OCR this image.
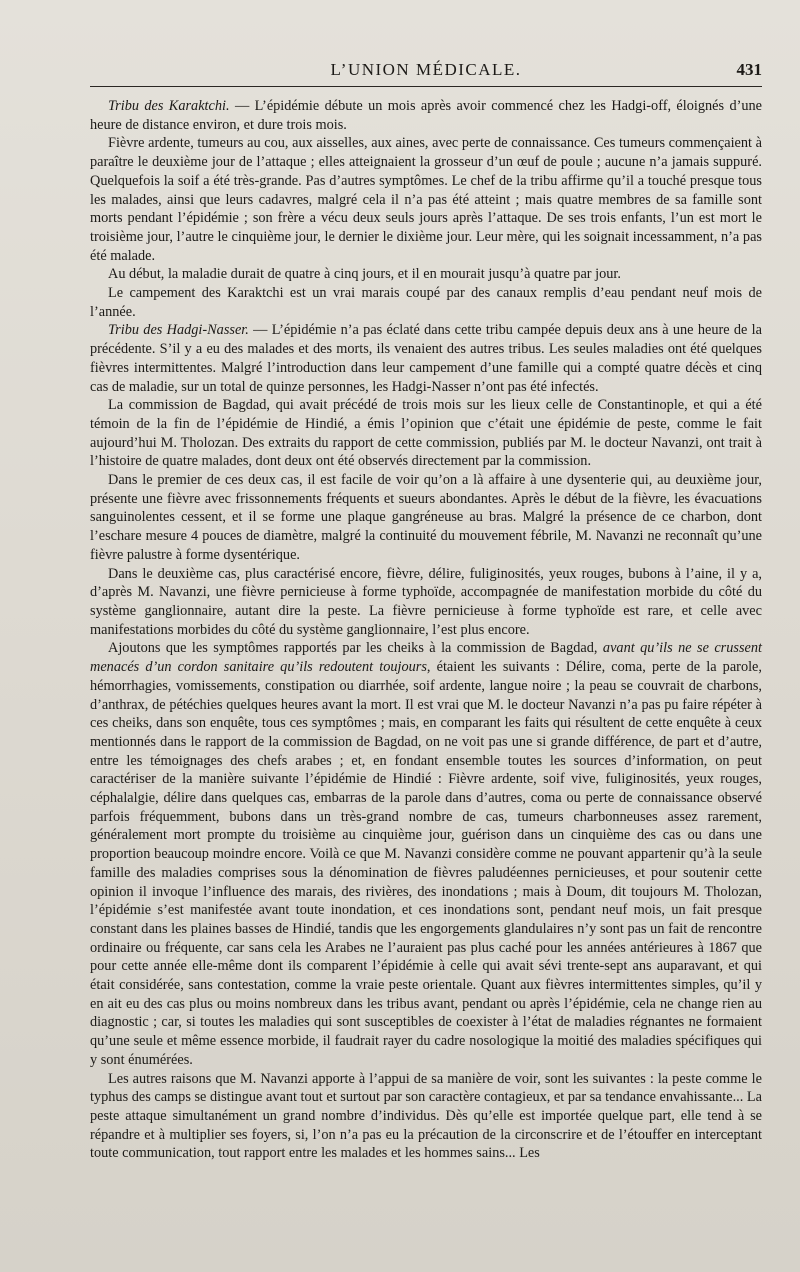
L’UNION MÉDICALE.	431

Tribu des Karaktchi. — L’épidémie débute un mois après avoir commencé chez les Hadgi-off, éloignés d’une heure de distance environ, et dure trois mois.

Fièvre ardente, tumeurs au cou, aux aisselles, aux aines, avec perte de connaissance. Ces tumeurs commençaient à paraître le deuxième jour de l’attaque ; elles atteignaient la grosseur d’un œuf de poule ; aucune n’a jamais suppuré. Quelquefois la soif a été très-grande. Pas d’autres symptômes. Le chef de la tribu affirme qu’il a touché presque tous les malades, ainsi que leurs cadavres, malgré cela il n’a pas été atteint ; mais quatre membres de sa famille sont morts pendant l’épidémie ; son frère a vécu deux seuls jours après l’attaque. De ses trois enfants, l’un est mort le troisième jour, l’autre le cinquième jour, le dernier le dixième jour. Leur mère, qui les soignait incessamment, n’a pas été malade.

Au début, la maladie durait de quatre à cinq jours, et il en mourait jusqu’à quatre par jour.

Le campement des Karaktchi est un vrai marais coupé par des canaux remplis d’eau pendant neuf mois de l’année.

Tribu des Hadgi-Nasser. — L’épidémie n’a pas éclaté dans cette tribu campée depuis deux ans à une heure de la précédente. S’il y a eu des malades et des morts, ils venaient des autres tribus. Les seules maladies ont été quelques fièvres intermittentes. Malgré l’introduction dans leur campement d’une famille qui a compté quatre décès et cinq cas de maladie, sur un total de quinze personnes, les Hadgi-Nasser n’ont pas été infectés.

La commission de Bagdad, qui avait précédé de trois mois sur les lieux celle de Constantinople, et qui a été témoin de la fin de l’épidémie de Hindié, a émis l’opinion que c’était une épidémie de peste, comme le fait aujourd’hui M. Tholozan. Des extraits du rapport de cette commission, publiés par M. le docteur Navanzi, ont trait à l’histoire de quatre malades, dont deux ont été observés directement par la commission.

Dans le premier de ces deux cas, il est facile de voir qu’on a là affaire à une dysenterie qui, au deuxième jour, présente une fièvre avec frissonnements fréquents et sueurs abondantes. Après le début de la fièvre, les évacuations sanguinolentes cessent, et il se forme une plaque gangréneuse au bras. Malgré la présence de ce charbon, dont l’eschare mesure 4 pouces de diamètre, malgré la continuité du mouvement fébrile, M. Navanzi ne reconnaît qu’une fièvre palustre à forme dysentérique.

Dans le deuxième cas, plus caractérisé encore, fièvre, délire, fuliginosités, yeux rouges, bubons à l’aine, il y a, d’après M. Navanzi, une fièvre pernicieuse à forme typhoïde, accompagnée de manifestation morbide du côté du système ganglionnaire, autant dire la peste. La fièvre pernicieuse à forme typhoïde est rare, et celle avec manifestations morbides du côté du système ganglionnaire, l’est plus encore.

Ajoutons que les symptômes rapportés par les cheiks à la commission de Bagdad, avant qu’ils ne se crussent menacés d’un cordon sanitaire qu’ils redoutent toujours, étaient les suivants : Délire, coma, perte de la parole, hémorrhagies, vomissements, constipation ou diarrhée, soif ardente, langue noire ; la peau se couvrait de charbons, d’anthrax, de pétéchies quelques heures avant la mort. Il est vrai que M. le docteur Navanzi n’a pas pu faire répéter à ces cheiks, dans son enquête, tous ces symptômes ; mais, en comparant les faits qui résultent de cette enquête à ceux mentionnés dans le rapport de la commission de Bagdad, on ne voit pas une si grande différence, de part et d’autre, entre les témoignages des chefs arabes ; et, en fondant ensemble toutes les sources d’information, on peut caractériser de la manière suivante l’épidémie de Hindié : Fièvre ardente, soif vive, fuliginosités, yeux rouges, céphalalgie, délire dans quelques cas, embarras de la parole dans d’autres, coma ou perte de connaissance observé parfois fréquemment, bubons dans un très-grand nombre de cas, tumeurs charbonneuses assez rarement, généralement mort prompte du troisième au cinquième jour, guérison dans un cinquième des cas ou dans une proportion beaucoup moindre encore. Voilà ce que M. Navanzi considère comme ne pouvant appartenir qu’à la seule famille des maladies comprises sous la dénomination de fièvres paludéennes pernicieuses, et pour soutenir cette opinion il invoque l’influence des marais, des rivières, des inondations ; mais à Doum, dit toujours M. Tholozan, l’épidémie s’est manifestée avant toute inondation, et ces inondations sont, pendant neuf mois, un fait presque constant dans les plaines basses de Hindié, tandis que les engorgements glandulaires n’y sont pas un fait de rencontre ordinaire ou fréquente, car sans cela les Arabes ne l’auraient pas plus caché pour les années antérieures à 1867 que pour cette année elle-même dont ils comparent l’épidémie à celle qui avait sévi trente-sept ans auparavant, et qui était considérée, sans contestation, comme la vraie peste orientale. Quant aux fièvres intermittentes simples, qu’il y en ait eu des cas plus ou moins nombreux dans les tribus avant, pendant ou après l’épidémie, cela ne change rien au diagnostic ; car, si toutes les maladies qui sont susceptibles de coexister à l’état de maladies régnantes ne formaient qu’une seule et même essence morbide, il faudrait rayer du cadre nosologique la moitié des maladies spécifiques qui y sont énumérées.

Les autres raisons que M. Navanzi apporte à l’appui de sa manière de voir, sont les suivantes : la peste comme le typhus des camps se distingue avant tout et surtout par son caractère contagieux, et par sa tendance envahissante... La peste attaque simultanément un grand nombre d’individus. Dès qu’elle est importée quelque part, elle tend à se répandre et à multiplier ses foyers, si, l’on n’a pas eu la précaution de la circonscrire et de l’étouffer en interceptant toute communication, tout rapport entre les malades et les hommes sains... Les
